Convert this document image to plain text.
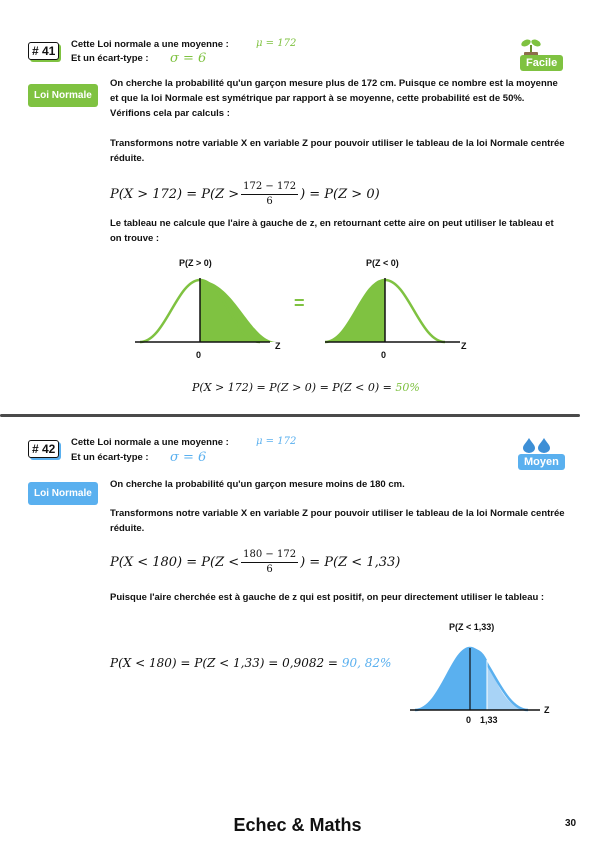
# 41	Cette Loi normale a une moyenne :	μ = 172
Et un écart-type : σ = 6	Facile
Loi Normale
On cherche la probabilité qu'un garçon mesure plus de 172 cm. Puisque ce nombre est la moyenne et que la loi Normale est symétrique par rapport à se moyenne, cette probabilité est de 50%. Vérifions cela par calculs :
Transformons notre variable X en variable Z pour pouvoir utiliser le tableau de la loi Normale centrée réduite.
$P(X > 172) = P(Z > \frac{172 - 172}{6}$ ) = P(Z > 0)
Le tableau ne calcule que l'aire à gauche de z, en retournant cette aire on peut utiliser le tableau et on trouve :
P(Z > 0)
0
Z
=
P(Z < 0)
0
Z
P(X > 172) = P(Z > 0) = P(Z < 0) = 50%
# 42	Cette Loi normale a une moyenne :	μ = 172
Et un écart-type : σ = 6	Moyen
Loi Normale
On cherche la probabilité qu'un garçon mesure moins de 180 cm.
Transformons notre variable X en variable Z pour pouvoir utiliser le tableau de la loi Normale centrée réduite.
$P(X < 180) = P(Z < \frac{180 - 172}{6}$ ) = P(Z < 1,33)
Puisque l'aire cherchée est à gauche de z qui est positif, on peur directement utiliser le tableau :
P(X < 180) = P(Z < 1,33) = 0,9082 = 90, 82%
P(Z < 1,33)
0 1,33
Z
Echec & Maths	30
